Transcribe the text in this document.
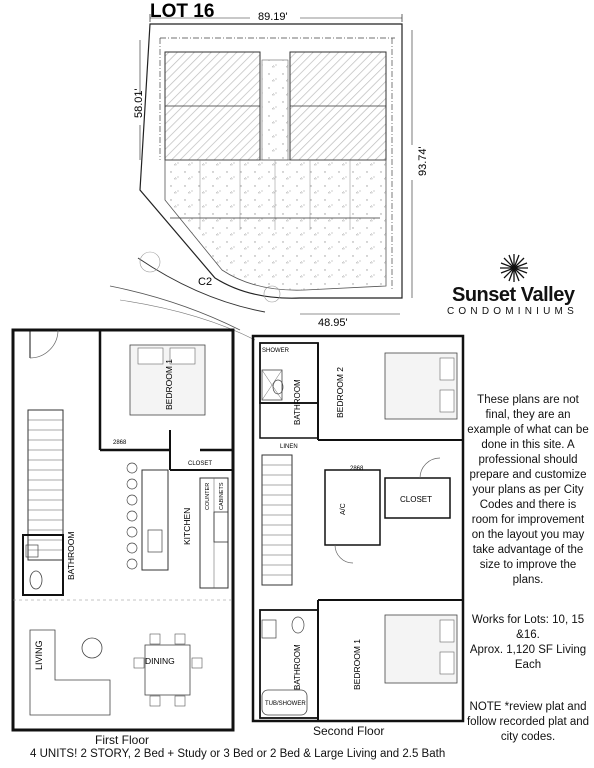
LOT 16	89.19'
58.01'
93.74'
48.95'
C2
BEDROOM 1
BATHROOM
KITCHEN
LIVING	DINING
CLOSET
COUNTER CABINETS
2868
BEDROOM 2
BEDROOM 1
BATHROOM
BATHROOM
CLOSET
SHOWER
LINEN
TUB/SHOWER
A/C
2868
Sunset Valley
CONDOMINIUMS
These plans are not final, they are an example of what can be done in this site. A professional should prepare and customize your plans as per City Codes and there is room for improvement on the layout you may take advantage of the size to improve the plans.
Works for Lots: 10, 15 &16.
Aprox. 1,120 SF Living Each
NOTE *review plat and follow recorded plat and city codes.
First Floor
Second Floor
4 UNITS! 2 STORY, 2 Bed + Study or 3 Bed or 2 Bed & Large Living and 2.5 Bath
